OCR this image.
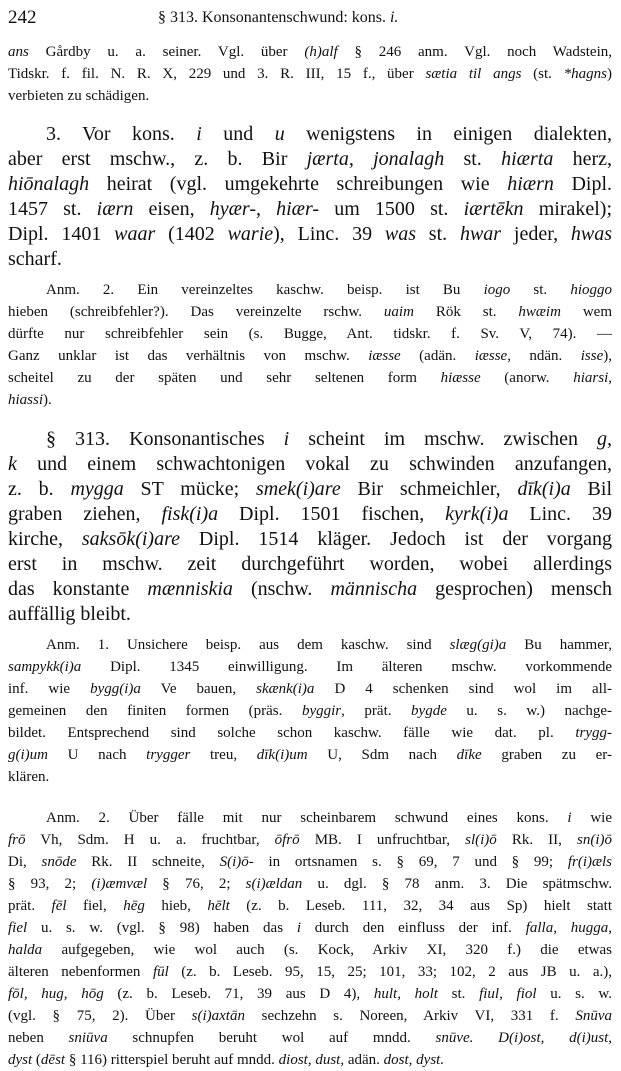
242	§ 313. Konsonantenschwund: kons. i.
ans Gårdby u. a. seiner. Vgl. über (h)alf § 246 anm. Vgl. noch Wadstein,
Tidskr. f. fil. N. R. X, 229 und 3. R. III, 15 f., über sætia til angs (st. *hagns)
verbieten zu schädigen.
3. Vor kons. i und u wenigstens in einigen dialekten,
aber erst mschw., z. b. Bir jærta, jonalagh st. hiærta herz,
hiōnalagh heirat (vgl. umgekehrte schreibungen wie hiærn Dipl.
1457 st. iærn eisen, hyær-, hiær- um 1500 st. iærtēkn mirakel);
Dipl. 1401 waar (1402 warie), Linc. 39 was st. hwar jeder, hwas
scharf.
Anm. 2. Ein vereinzeltes kaschw. beisp. ist Bu iogo st. hioggo
hieben (schreibfehler?). Das vereinzelte rschw. uaim Rök st. hwæim wem
dürfte nur schreibfehler sein (s. Bugge, Ant. tidskr. f. Sv. V, 74). —
Ganz unklar ist das verhältnis von mschw. iæsse (adän. iæsse, ndän. isse),
scheitel zu der späten und sehr seltenen form hiæsse (anorw. hiarsi,
hiassi).
§ 313. Konsonantisches i scheint im mschw. zwischen g,
k und einem schwachtonigen vokal zu schwinden anzufangen,
z. b. mygga ST mücke; smek(i)are Bir schmeichler, dīk(i)a Bil
graben ziehen, fisk(i)a Dipl. 1501 fischen, kyrk(i)a Linc. 39
kirche, saksōk(i)are Dipl. 1514 kläger. Jedoch ist der vorgang
erst in mschw. zeit durchgeführt worden, wobei allerdings
das konstante mænniskia (nschw. männischa gesprochen) mensch
auffällig bleibt.
Anm. 1. Unsichere beisp. aus dem kaschw. sind slæg(gi)a Bu hammer,
sampykk(i)a Dipl. 1345 einwilligung. Im älteren mschw. vorkommende
inf. wie bygg(i)a Ve bauen, skænk(i)a D 4 schenken sind wol im all-
gemeinen den finiten formen (präs. byggir, prät. bygde u. s. w.) nachge-
bildet. Entsprechend sind solche schon kaschw. fälle wie dat. pl. trygg-
g(i)um U nach trygger treu, dīk(i)um U, Sdm nach dīke graben zu er-
klären.
Anm. 2. Über fälle mit nur scheinbarem schwund eines kons. i wie
frō Vh, Sdm. H u. a. fruchtbar, ōfrō MB. I unfruchtbar, sl(i)ō Rk. II, sn(i)ō
Di, snōde Rk. II schneite, S(i)ō- in ortsnamen s. § 69, 7 und § 99; fr(i)æls
§ 93, 2; (i)æmvæl § 76, 2; s(i)ældan u. dgl. § 78 anm. 3. Die spätmschw.
prät. fēl fiel, hēg hieb, hēlt (z. b. Leseb. 111, 32, 34 aus Sp) hielt statt
fiel u. s. w. (vgl. § 98) haben das i durch den einfluss der inf. falla, hugga,
halda aufgegeben, wie wol auch (s. Kock, Arkiv XI, 320 f.) die etwas
älteren nebenformen fūl (z. b. Leseb. 95, 15, 25; 101, 33; 102, 2 aus JB u. a.),
fōl, hug, hōg (z. b. Leseb. 71, 39 aus D 4), hult, holt st. fiul, fiol u. s. w.
(vgl. § 75, 2). Über s(i)axtān sechzehn s. Noreen, Arkiv VI, 331 f. Snūva
neben sniūva schnupfen beruht wol auf mndd. snūve. D(i)ost, d(i)ust,
dyst (dēst § 116) ritterspiel beruht auf mndd. diost, dust, adän. dost, dyst.
